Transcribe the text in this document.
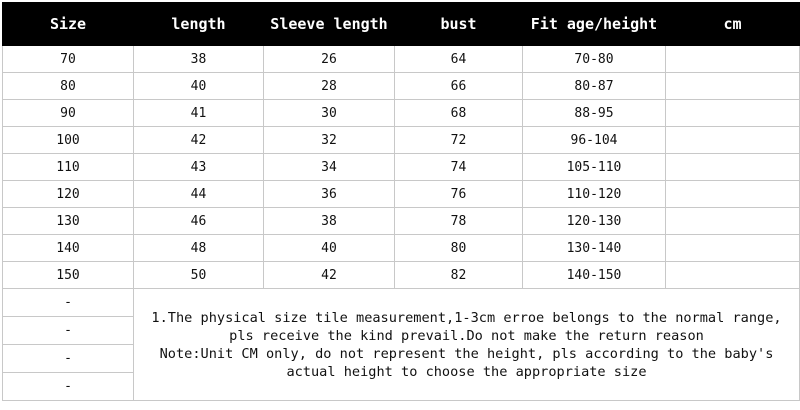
Size	length	Sleeve length	bust	Fit age/height	cm
70	38	26	64	70-80	
80	40	28	66	80-87	
90	41	30	68	88-95	
100	42	32	72	96-104	
110	43	34	74	105-110	
120	44	36	76	110-120	
130	46	38	78	120-130	
140	48	40	80	130-140	
150	50	42	82	140-150	
-	1.The physical size tile measurement,1-3cm erroe belongs to the normal range, pls receive the kind prevail.Do not make the return reason
Note:Unit CM only, do not represent the height, pls according to the baby's actual height to choose the appropriate size				

-					
-					
-					
